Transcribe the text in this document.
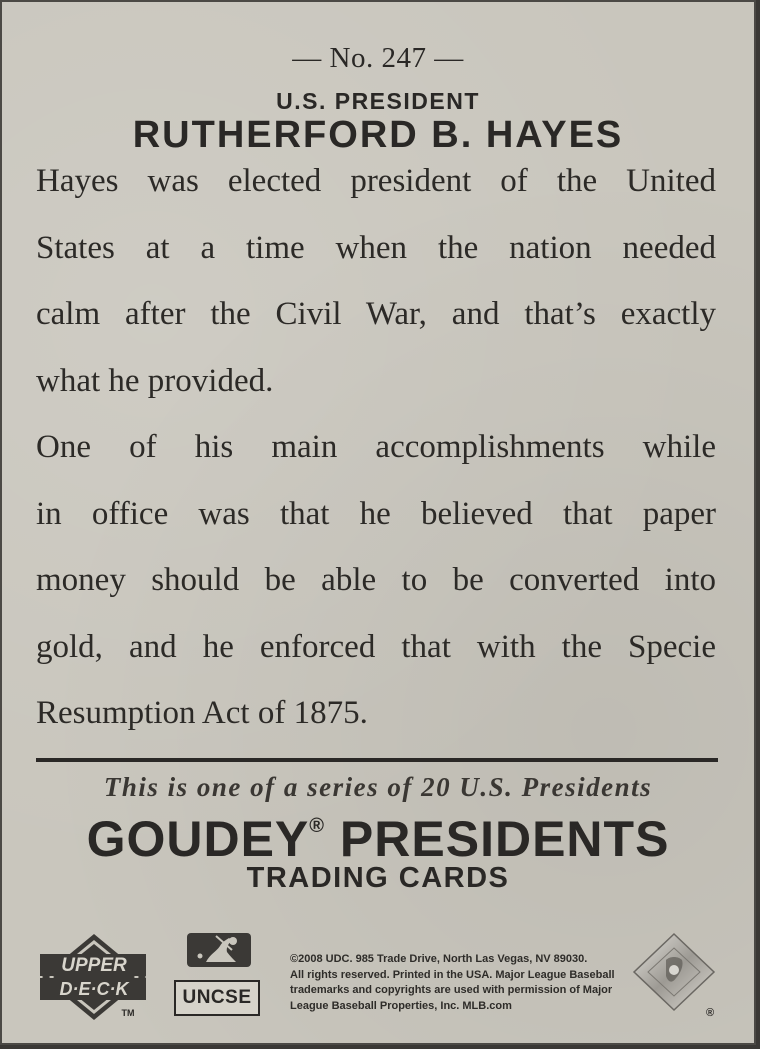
— No. 247 —
U.S. PRESIDENT
RUTHERFORD B. HAYES
Hayes was elected president of the United
States at a time when the nation needed
calm after the Civil War, and that’s exactly
what he provided.
One of his main accomplishments while
in office was that he believed that paper
money should be able to be converted into
gold, and he enforced that with the Specie
Resumption Act of 1875.
This is one of a series of 20 U.S. Presidents
GOUDEY® PRESIDENTS
TRADING CARDS
UPPER
D·E·C·K
TM
UNCSE
©2008 UDC. 985 Trade Drive, North Las Vegas, NV 89030.
All rights reserved. Printed in the USA. Major League Baseball
trademarks and copyrights are used with permission of Major
League Baseball Properties, Inc. MLB.com
®
